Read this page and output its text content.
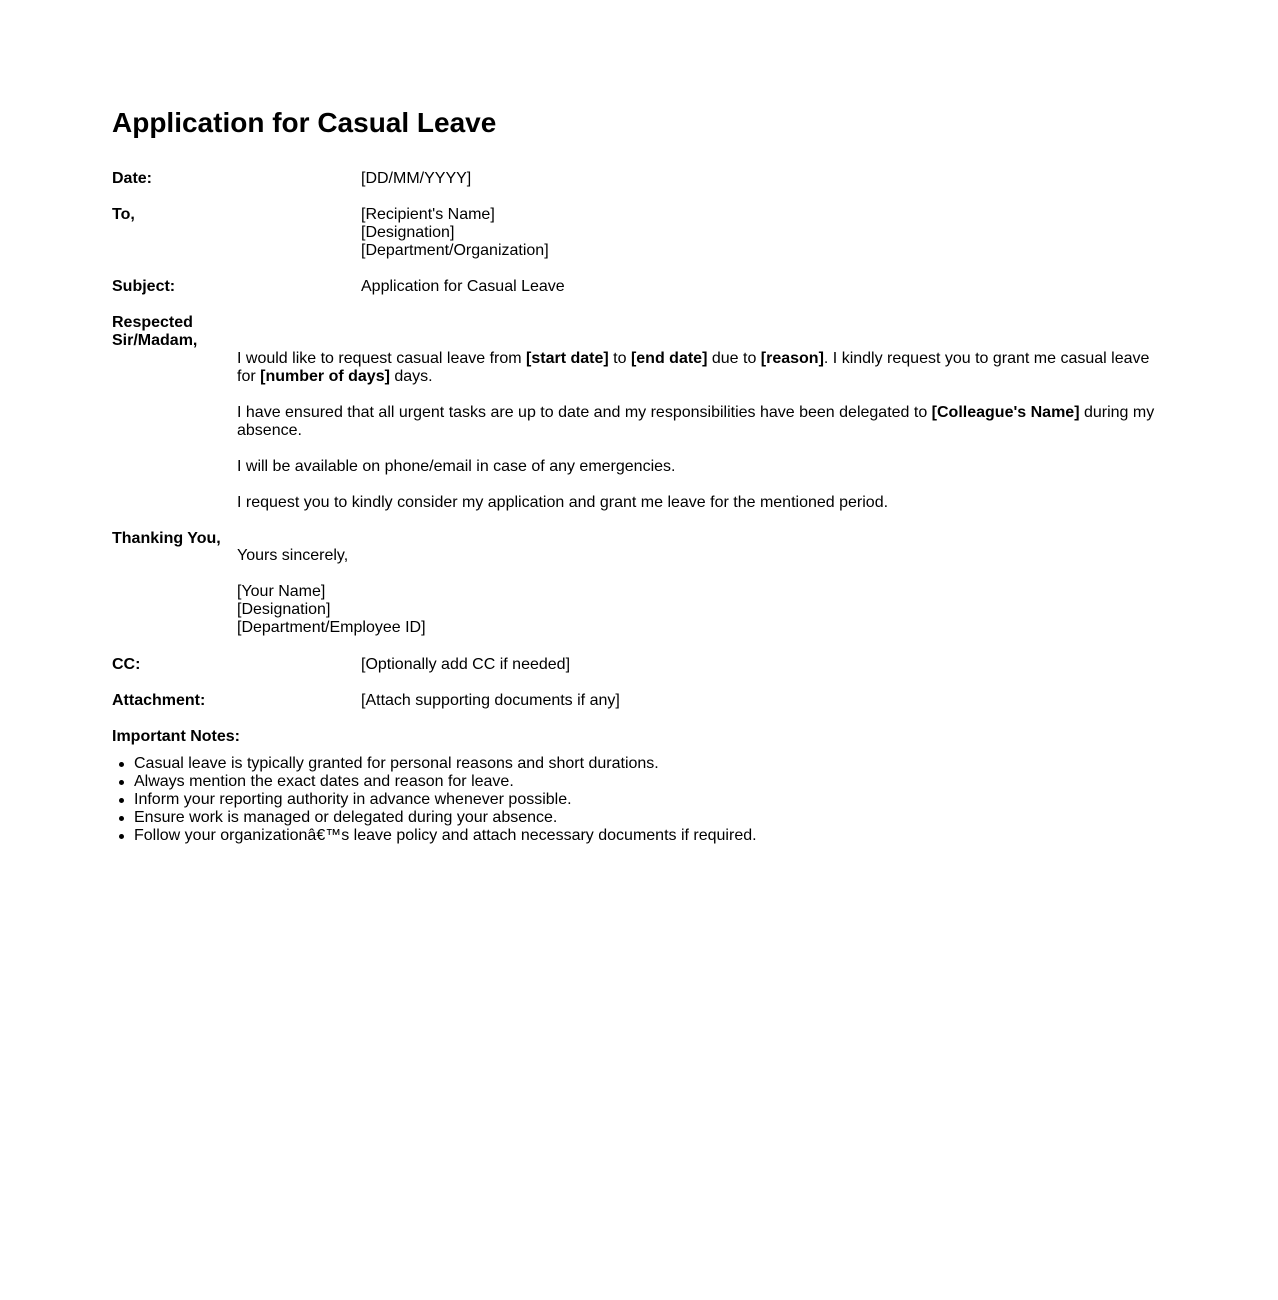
Application for Casual Leave
Date:	[DD/MM/YYYY]
To,	[Recipient's Name]
[Designation]
[Department/Organization]
Subject:	Application for Casual Leave
Respected
Sir/Madam,

I would like to request casual leave from [start date] to [end date] due to [reason]. I kindly request you to grant me casual leave for [number of days] days.

I have ensured that all urgent tasks are up to date and my responsibilities have been delegated to [Colleague's Name] during my absence.

I will be available on phone/email in case of any emergencies.

I request you to kindly consider my application and grant me leave for the mentioned period.

Thanking You,
Yours sincerely,
[Your Name]
[Designation]
[Department/Employee ID]
CC:	[Optionally add CC if needed]
Attachment:	[Attach supporting documents if any]
Important Notes:
Casual leave is typically granted for personal reasons and short durations.
Always mention the exact dates and reason for leave.
Inform your reporting authority in advance whenever possible.
Ensure work is managed or delegated during your absence.
Follow your organizationâ€™s leave policy and attach necessary documents if required.
